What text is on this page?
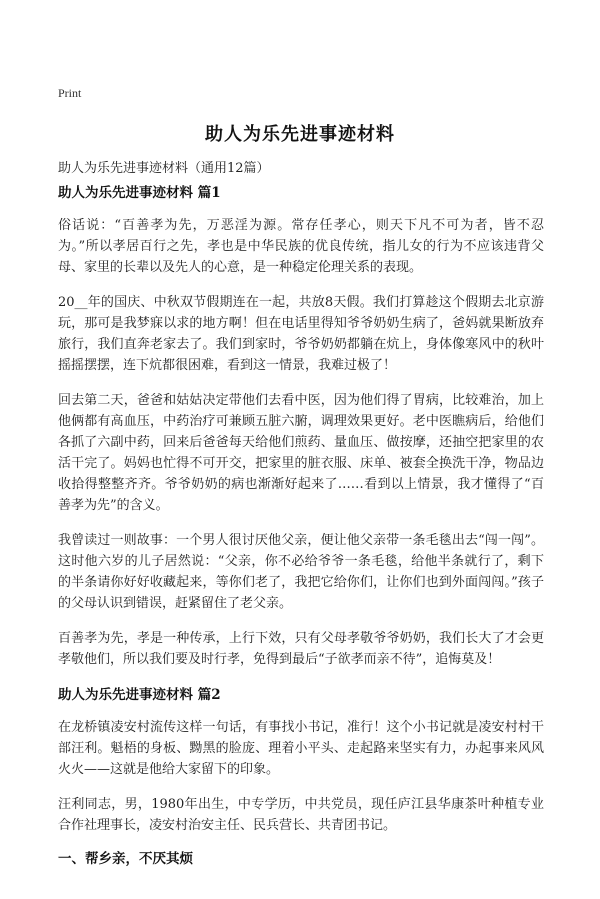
Print
助人为乐先进事迹材料
助人为乐先进事迹材料（通用12篇）
助人为乐先进事迹材料 篇1

俗话说：“百善孝为先，万恶淫为源。常存任孝心，则天下凡不可为者，皆不忍为。”所以孝居百行之先，孝也是中华民族的优良传统，指儿女的行为不应该违背父母、家里的长辈以及先人的心意，是一种稳定伦理关系的表现。

20__年的国庆、中秋双节假期连在一起，共放8天假。我们打算趁这个假期去北京游玩，那可是我梦寐以求的地方啊！但在电话里得知爷爷奶奶生病了，爸妈就果断放弃旅行，我们直奔老家去了。我们到家时，爷爷奶奶都躺在炕上，身体像寒风中的秋叶摇摇摆摆，连下炕都很困难，看到这一情景，我难过极了！

回去第二天，爸爸和姑姑决定带他们去看中医，因为他们得了胃病，比较难治，加上他俩都有高血压，中药治疗可兼顾五脏六腑，调理效果更好。老中医瞧病后，给他们各抓了六副中药，回来后爸爸每天给他们煎药、量血压、做按摩，还抽空把家里的农活干完了。妈妈也忙得不可开交，把家里的脏衣服、床单、被套全换洗干净，物品边收拾得整整齐齐。爷爷奶奶的病也渐渐好起来了……看到以上情景，我才懂得了“百善孝为先”的含义。

我曾读过一则故事：一个男人很讨厌他父亲，便让他父亲带一条毛毯出去“闯一闯”。这时他六岁的儿子居然说：“父亲，你不必给爷爷一条毛毯，给他半条就行了，剩下的半条请你好好收藏起来，等你们老了，我把它给你们，让你们也到外面闯闯。”孩子的父母认识到错误，赶紧留住了老父亲。

百善孝为先，孝是一种传承，上行下效，只有父母孝敬爷爷奶奶，我们长大了才会更孝敬他们，所以我们要及时行孝，免得到最后“子欲孝而亲不待”，追悔莫及！

助人为乐先进事迹材料 篇2

在龙桥镇凌安村流传这样一句话，有事找小书记，准行！这个小书记就是凌安村村干部汪利。魁梧的身板、黝黑的脸庞、理着小平头、走起路来坚实有力，办起事来风风火火——这就是他给大家留下的印象。

汪利同志，男，1980年出生，中专学历，中共党员，现任庐江县华康茶叶种植专业合作社理事长，凌安村治安主任、民兵营长、共青团书记。

一、帮乡亲，不厌其烦
